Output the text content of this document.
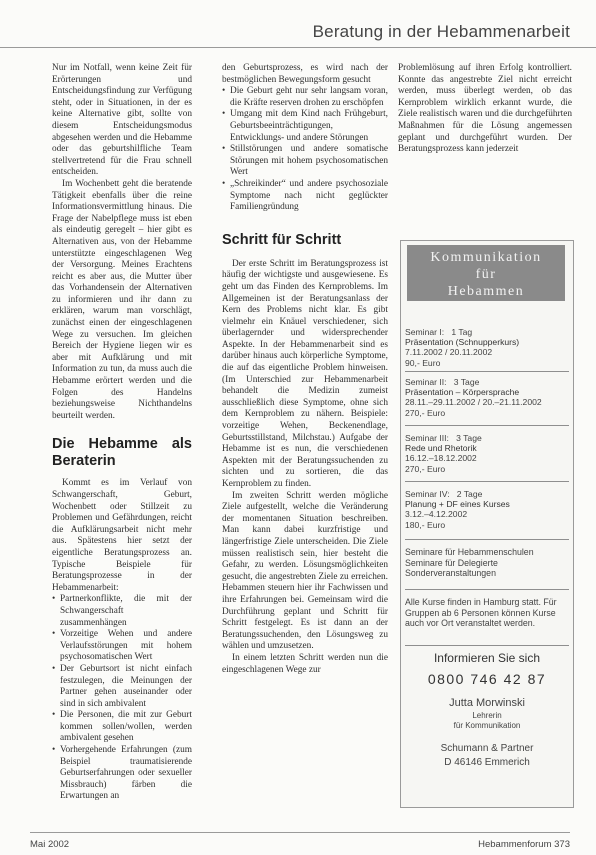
Beratung in der Hebammenarbeit

Nur im Notfall, wenn keine Zeit für Erörterungen und Entscheidungsfindung zur Verfügung steht, oder in Situationen, in der es keine Alternative gibt, sollte von diesem Entscheidungsmodus abgesehen werden und die Hebamme oder das geburtshilfliche Team stellvertretend für die Frau schnell entscheiden.

Im Wochenbett geht die beratende Tätigkeit ebenfalls über die reine Informationsvermittlung hinaus. Die Frage der Nabelpflege muss ist eben als eindeutig geregelt – hier gibt es Alternativen aus, von der Hebamme unterstützte eingeschlagenen Weg der Versorgung. Meines Erachtens reicht es aber aus, die Mutter über das Vorhandensein der Alternativen zu informieren und ihr dann zu erklären, warum man vorschlägt, zunächst einen der eingeschlagenen Wege zu versuchen. Im gleichen Bereich der Hygiene liegen wir es aber mit Aufklärung und mit Information zu tun, da muss auch die Hebamme erörtert werden und die Folgen des Handelns beziehungsweise Nichthandelns beurteilt werden.

Die Hebamme als Beraterin

Kommt es im Verlauf von Schwangerschaft, Geburt, Wochenbett oder Stillzeit zu Problemen und Gefährdungen, reicht die Aufklärungsarbeit nicht mehr aus. Spätestens hier setzt der eigentliche Beratungsprozess an. Typische Beispiele für Beratungsprozesse in der Hebammenarbeit:

• Partnerkonflikte, die mit der Schwangerschaft zusammenhängen
• Vorzeitige Wehen und andere Verlaufsstörungen mit hohem psychosomatischen Wert
• Der Geburtsort ist nicht einfach festzulegen, die Meinungen der Partner gehen auseinander oder sind in sich ambivalent
• Die Personen, die mit zur Geburt kommen sollen/wollen, werden ambivalent gesehen
• Vorhergehende Erfahrungen (zum Beispiel traumatisierende Geburtserfahrungen oder sexueller Missbrauch) färben die Erwartungen an

den Geburtsprozess, es wird nach der bestmöglichen Bewegungsform gesucht

• Die Geburt geht nur sehr langsam voran, die Kräfte reserven drohen zu erschöpfen
• Umgang mit dem Kind nach Frühgeburt, Geburtsbeeinträchtigungen, Entwicklungs- und andere Störungen
• Stillstörungen und andere somatische Störungen mit hohem psychosomatischen Wert
• „Schreikinder“ und andere psychosoziale Symptome nach nicht geglückter Familiengründung
Schritt für Schritt

Der erste Schritt im Beratungsprozess ist häufig der wichtigste und ausgewiesene. Es geht um das Finden des Kernproblems. Im Allgemeinen ist der Beratungsanlass der Kern des Problems nicht klar. Es gibt vielmehr ein Knäuel verschiedener, sich überlagernder und widersprechender Aspekte. In der Hebammenarbeit sind es darüber hinaus auch körperliche Symptome, die auf das eigentliche Problem hinweisen. (Im Unterschied zur Hebammenarbeit behandelt die Medizin zumeist ausschließlich diese Symptome, ohne sich dem Kernproblem zu nähern. Beispiele: vorzeitige Wehen, Beckenendlage, Geburtsstillstand, Milchstau.) Aufgabe der Hebamme ist es nun, die verschiedenen Aspekten mit der Beratungssuchenden zu sichten und zu sortieren, die das Kernproblem zu finden.

Im zweiten Schritt werden mögliche Ziele aufgestellt, welche die Veränderung der momentanen Situation beschreiben. Man kann dabei kurzfristige und längerfristige Ziele unterscheiden. Die Ziele müssen realistisch sein, hier besteht die Gefahr, zu werden. Lösungsmöglichkeiten gesucht, die angestrebten Ziele zu erreichen. Hebammen steuern hier ihr Fachwissen und ihre Erfahrungen bei. Gemeinsam wird die Durchführung geplant und Schritt für Schritt festgelegt. Es ist dann an der Beratungssuchenden, den Lösungsweg zu wählen und umzusetzen.

In einem letzten Schritt werden nun die eingeschlagenen Wege zur

Problemlösung auf ihren Erfolg kontrolliert. Konnte das angestrebte Ziel nicht erreicht werden, muss überlegt werden, ob das Kernproblem wirklich erkannt wurde, die Ziele realistisch waren und die durchgeführten Maßnahmen für die Lösung angemessen geplant und durchgeführt wurden. Der Beratungsprozess kann jederzeit

Kommunikation
für
Hebammen
Seminar I: 1 Tag
Präsentation (Schnupperkurs)
7.11.2002 / 20.11.2002
90,- Euro
Seminar II: 3 Tage
Präsentation – Körpersprache
28.11.–29.11.2002 / 20.–21.11.2002
270,- Euro
Seminar III: 3 Tage
Rede und Rhetorik
16.12.–18.12.2002
270,- Euro
Seminar IV: 2 Tage
Planung + DF eines Kurses
3.12.–4.12.2002
180,- Euro
Seminare für Hebammenschulen
Seminare für Delegierte
Sonderveranstaltungen
Alle Kurse finden in Hamburg statt. Für Gruppen ab 6 Personen können Kurse auch vor Ort veranstaltet werden.
Informieren Sie sich
0800 746 42 87
Jutta Morwinski
Lehrerin
für Kommunikation
Schumann & Partner
D 46146 Emmerich
Mai 2002	Hebammenforum 373
